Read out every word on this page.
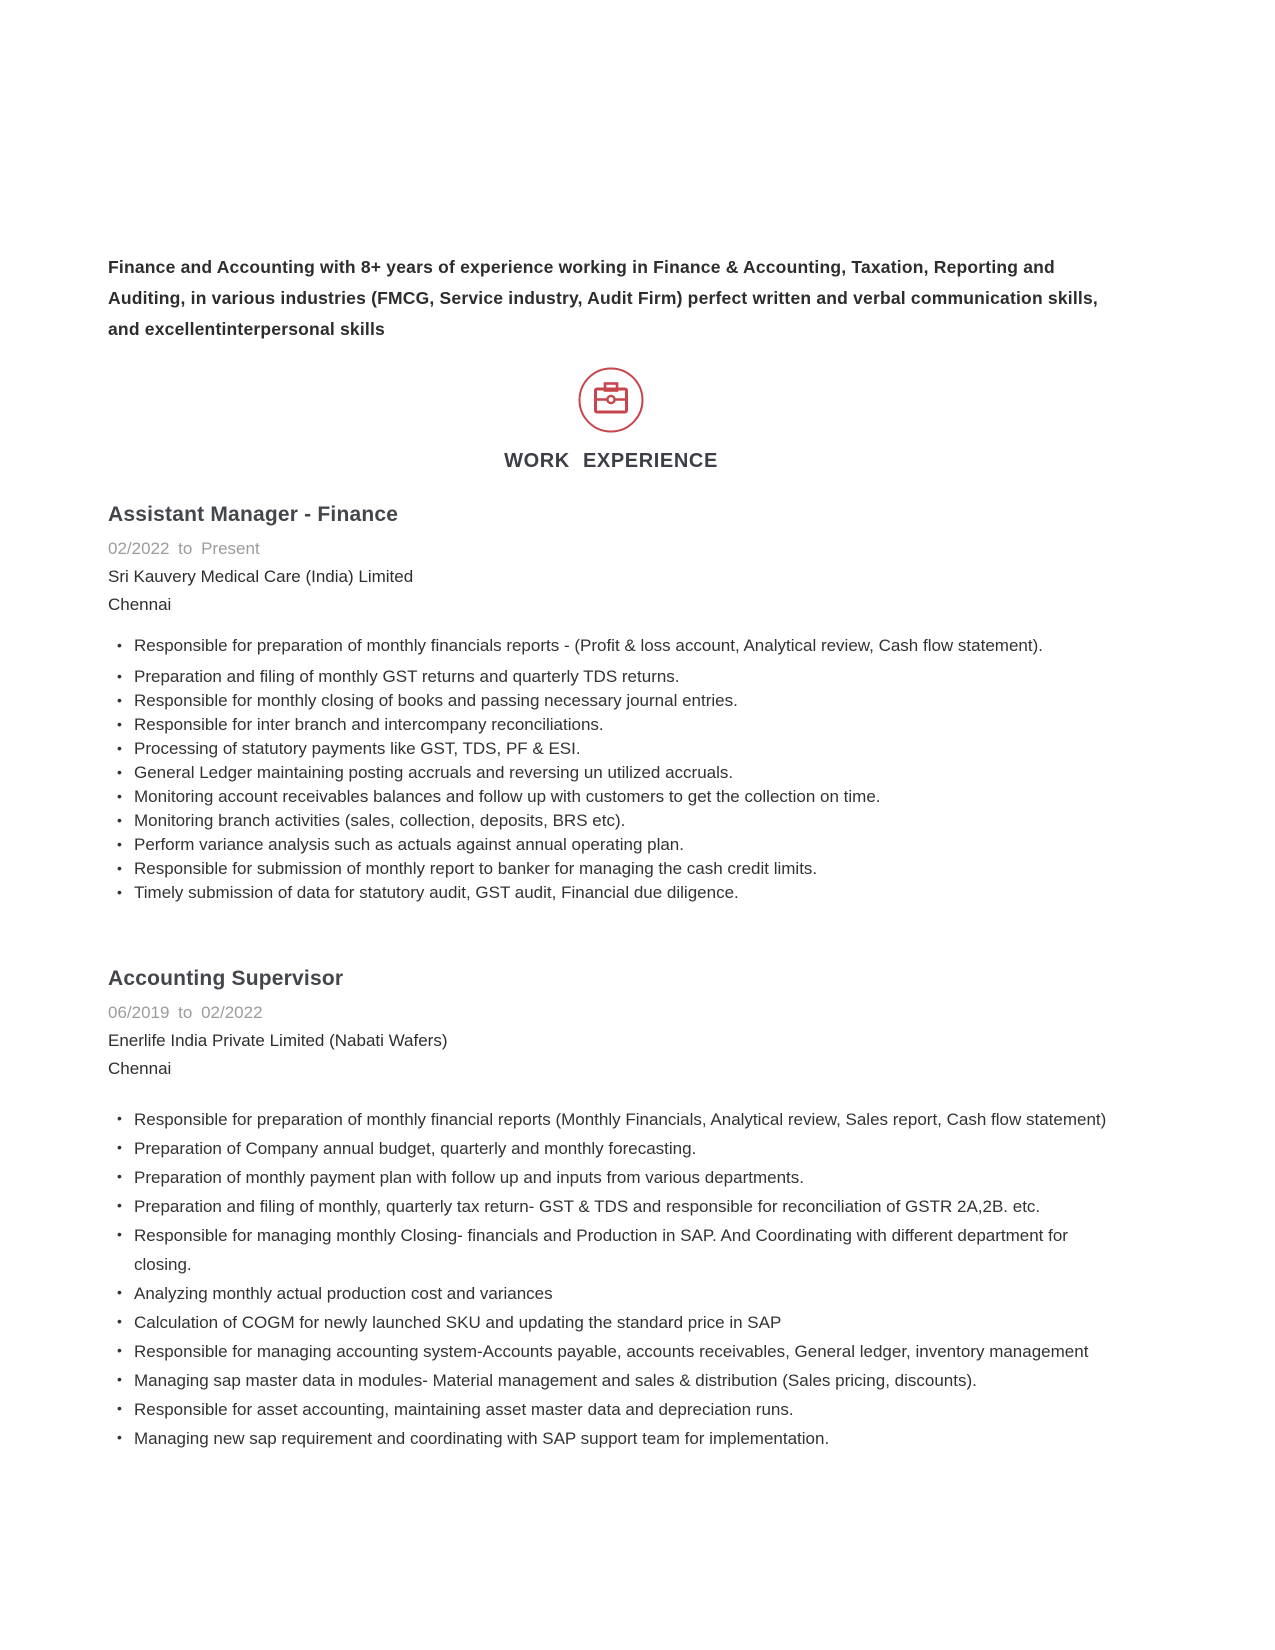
Finance and Accounting with 8+ years of experience working in Finance & Accounting, Taxation, Reporting and Auditing, in various industries (FMCG, Service industry, Audit Firm) perfect written and verbal communication skills, and excellentinterpersonal skills

WORK EXPERIENCE
Assistant Manager - Finance
02/2022 to Present
Sri Kauvery Medical Care (India) Limited
Chennai
• Responsible for preparation of monthly financials reports - (Profit & loss account, Analytical review, Cash flow statement).
• Preparation and filing of monthly GST returns and quarterly TDS returns.
• Responsible for monthly closing of books and passing necessary journal entries.
• Responsible for inter branch and intercompany reconciliations.
• Processing of statutory payments like GST, TDS, PF & ESI.
• General Ledger maintaining posting accruals and reversing un utilized accruals.
• Monitoring account receivables balances and follow up with customers to get the collection on time.
• Monitoring branch activities (sales, collection, deposits, BRS etc).
• Perform variance analysis such as actuals against annual operating plan.
• Responsible for submission of monthly report to banker for managing the cash credit limits.
• Timely submission of data for statutory audit, GST audit, Financial due diligence.
Accounting Supervisor
06/2019 to 02/2022
Enerlife India Private Limited (Nabati Wafers)
Chennai
• Responsible for preparation of monthly financial reports (Monthly Financials, Analytical review, Sales report, Cash flow statement)
• Preparation of Company annual budget, quarterly and monthly forecasting.
• Preparation of monthly payment plan with follow up and inputs from various departments.
• Preparation and filing of monthly, quarterly tax return- GST & TDS and responsible for reconciliation of GSTR 2A,2B. etc.
• Responsible for managing monthly Closing- financials and Production in SAP. And Coordinating with different department for closing.
• Analyzing monthly actual production cost and variances
• Calculation of COGM for newly launched SKU and updating the standard price in SAP
• Responsible for managing accounting system-Accounts payable, accounts receivables, General ledger, inventory management
• Managing sap master data in modules- Material management and sales & distribution (Sales pricing, discounts).
• Responsible for asset accounting, maintaining asset master data and depreciation runs.
• Managing new sap requirement and coordinating with SAP support team for implementation.
